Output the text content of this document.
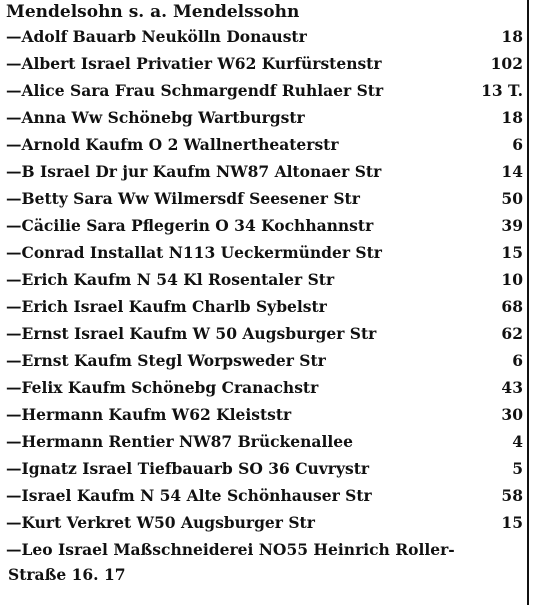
Mendelsohn s. a. Mendelssohn
—Adolf Bauarb Neukölln Donaustr	18
—Albert Israel Privatier W62 Kurfürstenstr	102
—Alice Sara Frau Schmargendf Ruhlaer Str	13 T.
—Anna Ww Schönebg Wartburgstr	18
—Arnold Kaufm O 2 Wallnertheaterstr	6
—B Israel Dr jur Kaufm NW87 Altonaer Str	14
—Betty Sara Ww Wilmersdf Seesener Str	50
—Cäcilie Sara Pflegerin O 34 Kochhannstr	39
—Conrad Installat N113 Ueckermünder Str	15
—Erich Kaufm N 54 Kl Rosentaler Str	10
—Erich Israel Kaufm Charlb Sybelstr	68
—Ernst Israel Kaufm W 50 Augsburger Str	62
—Ernst Kaufm Stegl Worpsweder Str	6
—Felix Kaufm Schönebg Cranachstr	43
—Hermann Kaufm W62 Kleiststr	30
—Hermann Rentier NW87 Brückenallee	4
—Ignatz Israel Tiefbauarb SO 36 Cuvrystr	5
—Israel Kaufm N 54 Alte Schönhauser Str	58
—Kurt Verkret W50 Augsburger Str	15
—Leo Israel Maßschneiderei NO55 Heinrich Roller-
Straße 16. 17
